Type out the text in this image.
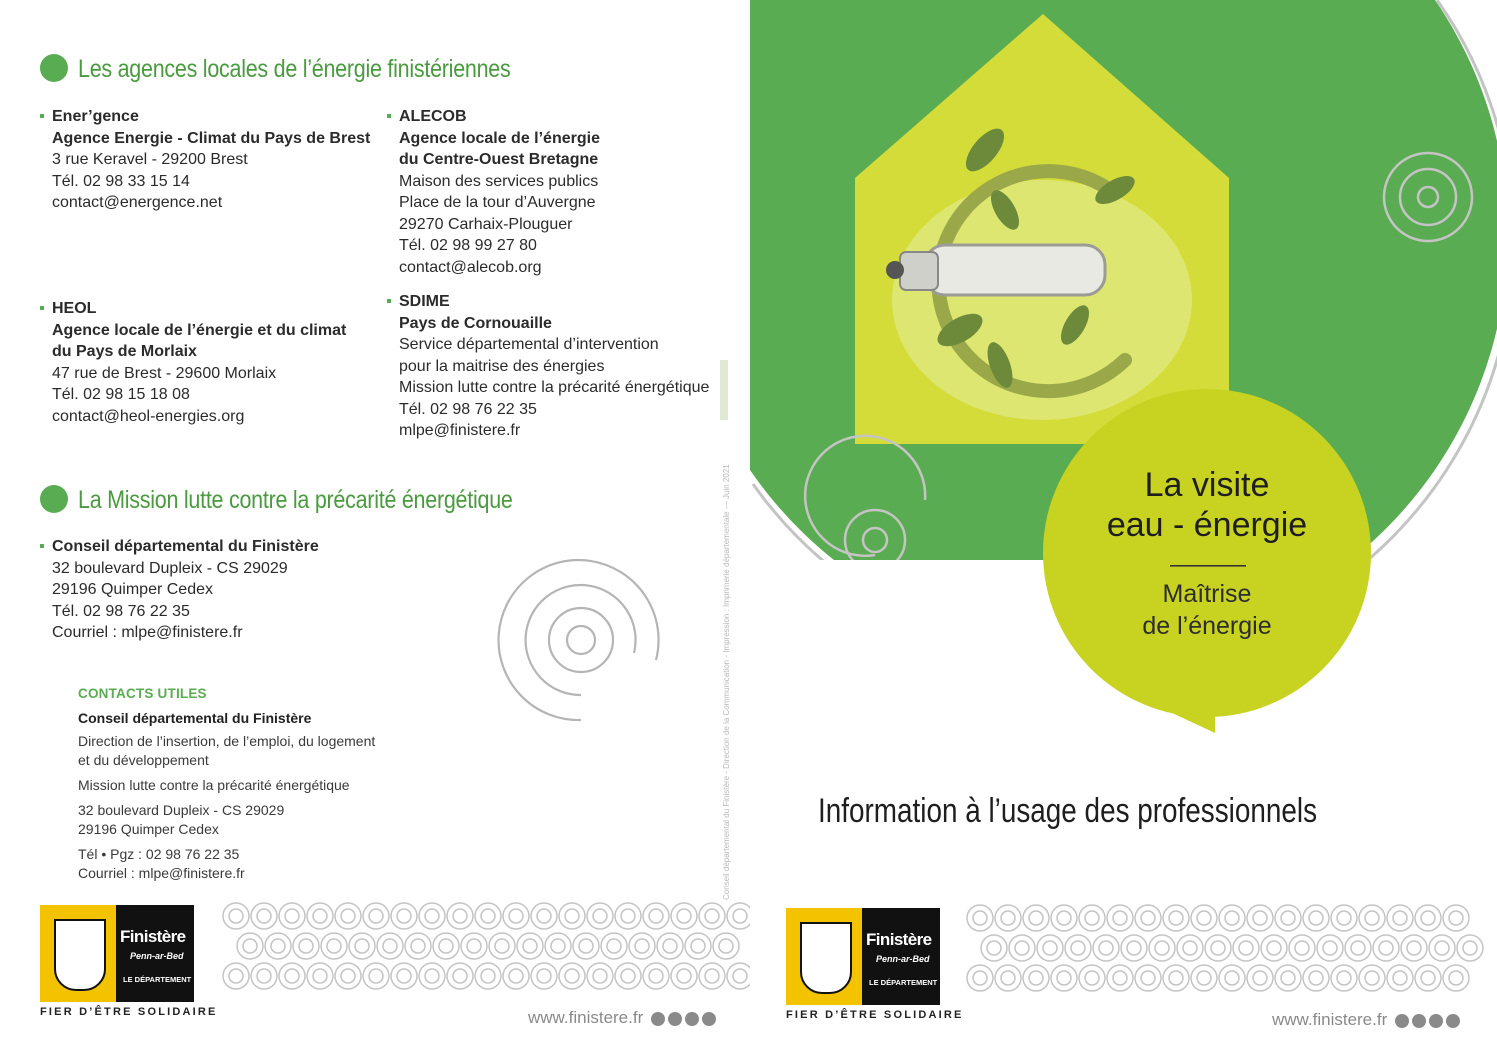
Les agences locales de l’énergie finistériennes
Ener’gence
Agence Energie - Climat du Pays de Brest
3 rue Keravel - 29200 Brest
Tél. 02 98 33 15 14
contact@energence.net
ALECOB
Agence locale de l’énergie
du Centre-Ouest Bretagne
Maison des services publics
Place de la tour d’Auvergne
29270 Carhaix-Plouguer
Tél. 02 98 99 27 80
contact@alecob.org
HEOL
Agence locale de l’énergie et du climat
du Pays de Morlaix
47 rue de Brest - 29600 Morlaix
Tél. 02 98 15 18 08
contact@heol-energies.org
SDIME
Pays de Cornouaille
Service départemental d’intervention
pour la maitrise des énergies
Mission lutte contre la précarité énergétique
Tél. 02 98 76 22 35
mlpe@finistere.fr
La Mission lutte contre la précarité énergétique
Conseil départemental du Finistère
32 boulevard Dupleix - CS 29029
29196 Quimper Cedex
Tél. 02 98 76 22 35
Courriel : mlpe@finistere.fr
CONTACTS UTILES
Conseil départemental du Finistère
Direction de l’insertion, de l’emploi, du logement
et du développement
Mission lutte contre la précarité énergétique
32 boulevard Dupleix - CS 29029
29196 Quimper Cedex
Tél • Pgz : 02 98 76 22 35
Courriel : mlpe@finistere.fr	Conseil départemental du Finistère - Direction de la Communication - Impression : Imprimerie départementale — Juin 2021
Finistère
Penn-ar-Bed
LE DÉPARTEMENT
FIER D’ÊTRE SOLIDAIRE	www.finistere.fr
La visite
eau - énergie
Maîtrise
de l’énergie
Information à l’usage des professionnels
Finistère
Penn-ar-Bed
LE DÉPARTEMENT
FIER D’ÊTRE SOLIDAIRE	www.finistere.fr
